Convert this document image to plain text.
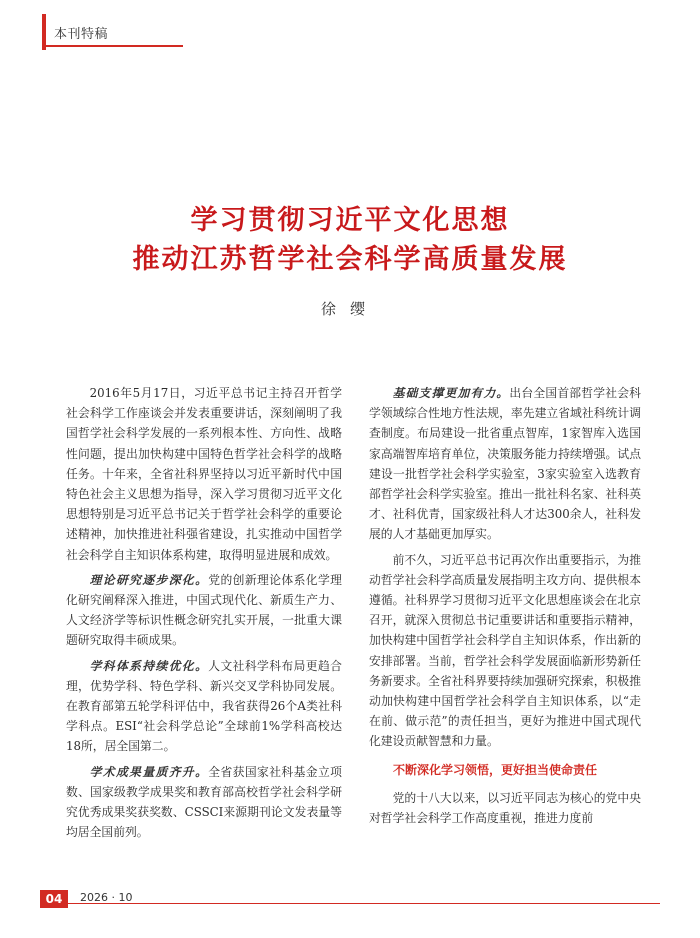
本刊特稿
学习贯彻习近平文化思想
推动江苏哲学社会科学高质量发展
徐缨

2016年5月17日，习近平总书记主持召开哲学社会科学工作座谈会并发表重要讲话，深刻阐明了我国哲学社会科学发展的一系列根本性、方向性、战略性问题，提出加快构建中国特色哲学社会科学的战略任务。十年来，全省社科界坚持以习近平新时代中国特色社会主义思想为指导，深入学习贯彻习近平文化思想特别是习近平总书记关于哲学社会科学的重要论述精神，加快推进社科强省建设，扎实推动中国哲学社会科学自主知识体系构建，取得明显进展和成效。

理论研究逐步深化。党的创新理论体系化学理化研究阐释深入推进，中国式现代化、新质生产力、人文经济学等标识性概念研究扎实开展，一批重大课题研究取得丰硕成果。

学科体系持续优化。人文社科学科布局更趋合理，优势学科、特色学科、新兴交叉学科协同发展。在教育部第五轮学科评估中，我省获得26个A类社科学科点。ESI“社会科学总论”全球前1%学科高校达18所，居全国第二。

学术成果量质齐升。全省获国家社科基金立项数、国家级教学成果奖和教育部高校哲学社会科学研究优秀成果奖获奖数、CSSCI来源期刊论文发表量等均居全国前列。

基础支撑更加有力。出台全国首部哲学社会科学领域综合性地方性法规，率先建立省域社科统计调查制度。布局建设一批省重点智库，1家智库入选国家高端智库培育单位，决策服务能力持续增强。试点建设一批哲学社会科学实验室，3家实验室入选教育部哲学社会科学实验室。推出一批社科名家、社科英才、社科优青，国家级社科人才达300余人，社科发展的人才基础更加厚实。

前不久，习近平总书记再次作出重要指示，为推动哲学社会科学高质量发展指明主攻方向、提供根本遵循。社科界学习贯彻习近平文化思想座谈会在北京召开，就深入贯彻总书记重要讲话和重要指示精神，加快构建中国哲学社会科学自主知识体系，作出新的安排部署。当前，哲学社会科学发展面临新形势新任务新要求。全省社科界要持续加强研究探索，积极推动加快构建中国哲学社会科学自主知识体系，以“走在前、做示范”的责任担当，更好为推进中国式现代化建设贡献智慧和力量。

不断深化学习领悟，更好担当使命责任

党的十八大以来，以习近平同志为核心的党中央对哲学社会科学工作高度重视，推进力度前

04	2026 · 10
